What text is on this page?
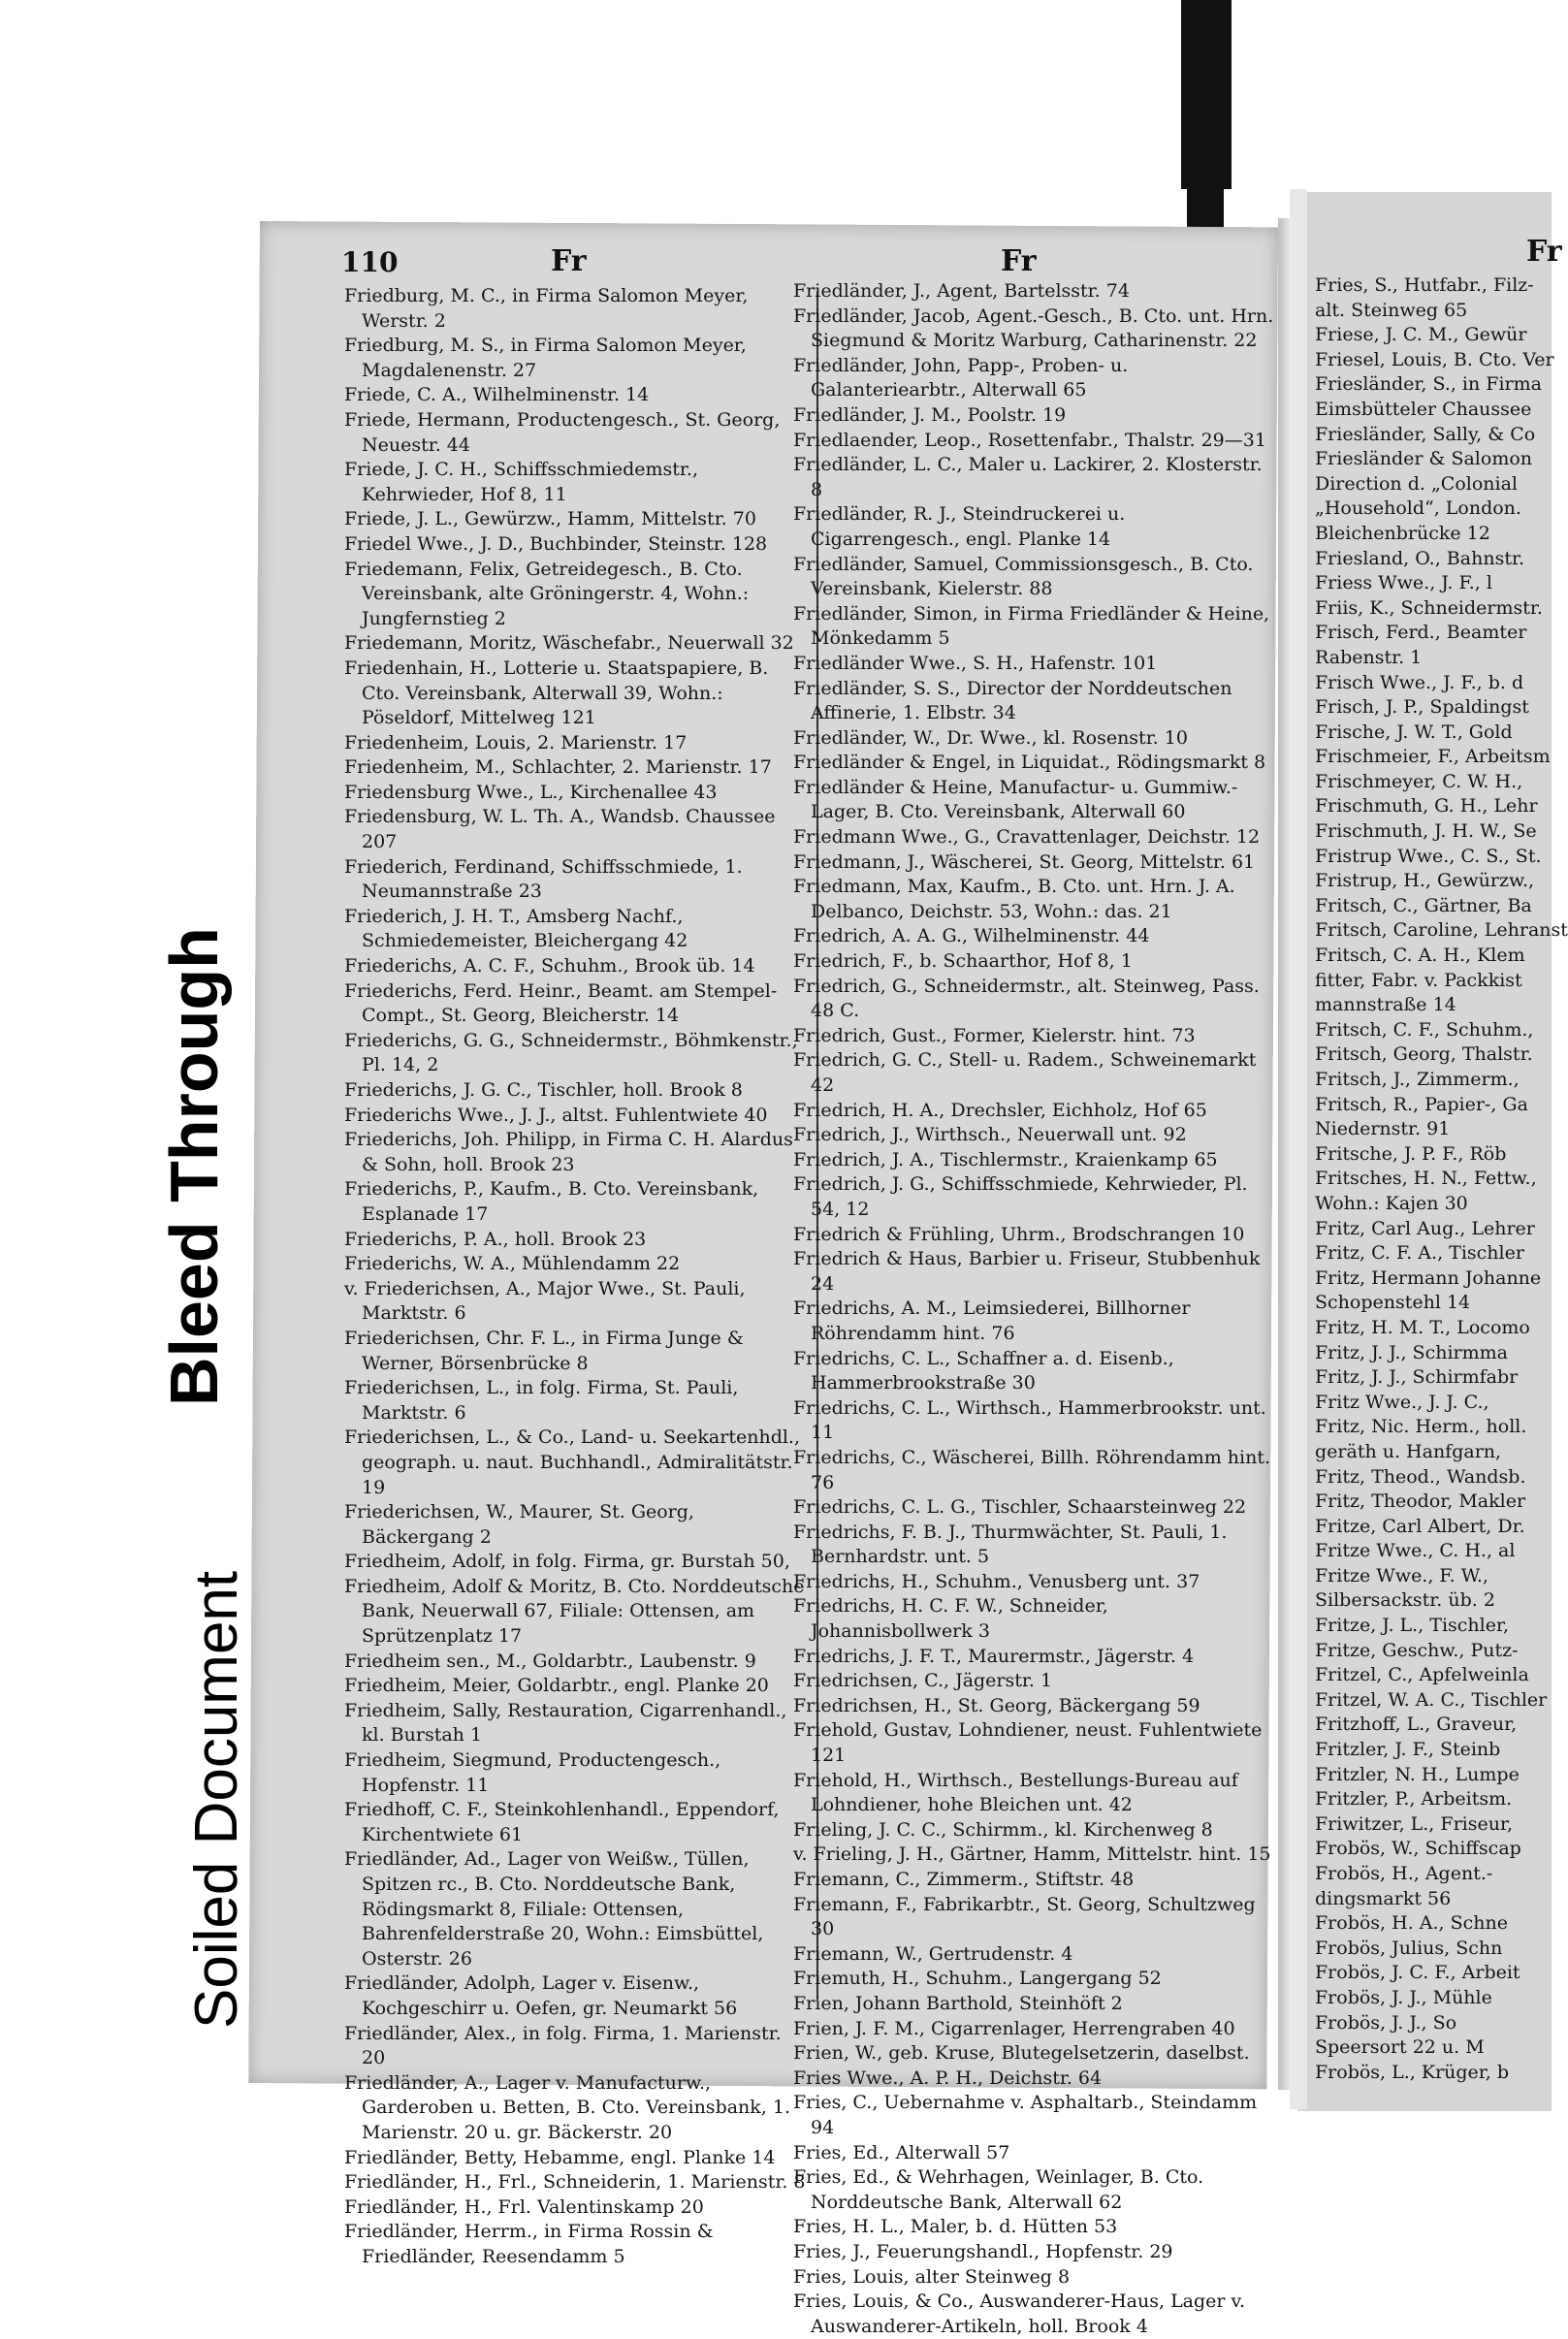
110	Fr	Fr	Fr

Friedburg, M. C., in Firma Salomon Meyer, Werstr. 2

Friedburg, M. S., in Firma Salomon Meyer, Magdalenenstr. 27

Friede, C. A., Wilhelminenstr. 14

Friede, Hermann, Productengesch., St. Georg, Neuestr. 44

Friede, J. C. H., Schiffsschmiedemstr., Kehrwieder, Hof 8, 11

Friede, J. L., Gewürzw., Hamm, Mittelstr. 70

Friedel Wwe., J. D., Buchbinder, Steinstr. 128

Friedemann, Felix, Getreidegesch., B. Cto. Vereinsbank, alte Gröningerstr. 4, Wohn.: Jungfernstieg 2

Friedemann, Moritz, Wäschefabr., Neuerwall 32

Friedenhain, H., Lotterie u. Staatspapiere, B. Cto. Vereinsbank, Alterwall 39, Wohn.: Pöseldorf, Mittelweg 121

Friedenheim, Louis, 2. Marienstr. 17

Friedenheim, M., Schlachter, 2. Marienstr. 17

Friedensburg Wwe., L., Kirchenallee 43

Friedensburg, W. L. Th. A., Wandsb. Chaussee 207

Friederich, Ferdinand, Schiffsschmiede, 1. Neumannstraße 23

Friederich, J. H. T., Amsberg Nachf., Schmiedemeister, Bleichergang 42

Friederichs, A. C. F., Schuhm., Brook üb. 14

Friederichs, Ferd. Heinr., Beamt. am Stempel-Compt., St. Georg, Bleicherstr. 14

Friederichs, G. G., Schneidermstr., Böhmkenstr., Pl. 14, 2

Friederichs, J. G. C., Tischler, holl. Brook 8

Friederichs Wwe., J. J., altst. Fuhlentwiete 40

Friederichs, Joh. Philipp, in Firma C. H. Alardus & Sohn, holl. Brook 23

Friederichs, P., Kaufm., B. Cto. Vereinsbank, Esplanade 17

Friederichs, P. A., holl. Brook 23

Friederichs, W. A., Mühlendamm 22

v. Friederichsen, A., Major Wwe., St. Pauli, Marktstr. 6

Friederichsen, Chr. F. L., in Firma Junge & Werner, Börsenbrücke 8

Friederichsen, L., in folg. Firma, St. Pauli, Marktstr. 6

Friederichsen, L., & Co., Land- u. Seekartenhdl., geograph. u. naut. Buchhandl., Admiralitätstr. 19

Friederichsen, W., Maurer, St. Georg, Bäckergang 2

Friedheim, Adolf, in folg. Firma, gr. Burstah 50,

Friedheim, Adolf & Moritz, B. Cto. Norddeutsche Bank, Neuerwall 67, Filiale: Ottensen, am Sprützenplatz 17

Friedheim sen., M., Goldarbtr., Laubenstr. 9

Friedheim, Meier, Goldarbtr., engl. Planke 20

Friedheim, Sally, Restauration, Cigarrenhandl., kl. Burstah 1

Friedheim, Siegmund, Productengesch., Hopfenstr. 11

Friedhoff, C. F., Steinkohlenhandl., Eppendorf, Kirchentwiete 61

Friedländer, Ad., Lager von Weißw., Tüllen, Spitzen rc., B. Cto. Norddeutsche Bank, Rödingsmarkt 8, Filiale: Ottensen, Bahrenfelderstraße 20, Wohn.: Eimsbüttel, Osterstr. 26

Friedländer, Adolph, Lager v. Eisenw., Kochgeschirr u. Oefen, gr. Neumarkt 56

Friedländer, Alex., in folg. Firma, 1. Marienstr. 20

Friedländer, A., Lager v. Manufacturw., Garderoben u. Betten, B. Cto. Vereinsbank, 1. Marienstr. 20 u. gr. Bäckerstr. 20

Friedländer, Betty, Hebamme, engl. Planke 14

Friedländer, H., Frl., Schneiderin, 1. Marienstr. 8

Friedländer, H., Frl. Valentinskamp 20

Friedländer, Herrm., in Firma Rossin & Friedländer, Reesendamm 5

Friedländer, J., Agent, Bartelsstr. 74

Friedländer, Jacob, Agent.-Gesch., B. Cto. unt. Hrn. Siegmund & Moritz Warburg, Catharinenstr. 22

Friedländer, John, Papp-, Proben- u. Galanteriearbtr., Alterwall 65

Friedländer, J. M., Poolstr. 19

Friedlaender, Leop., Rosettenfabr., Thalstr. 29—31

Friedländer, L. C., Maler u. Lackirer, 2. Klosterstr. 8

Friedländer, R. J., Steindruckerei u. Cigarrengesch., engl. Planke 14

Friedländer, Samuel, Commissionsgesch., B. Cto. Vereinsbank, Kielerstr. 88

Friedländer, Simon, in Firma Friedländer & Heine, Mönkedamm 5

Friedländer Wwe., S. H., Hafenstr. 101

Friedländer, S. S., Director der Norddeutschen Affinerie, 1. Elbstr. 34

Friedländer, W., Dr. Wwe., kl. Rosenstr. 10

Friedländer & Engel, in Liquidat., Rödingsmarkt 8

Friedländer & Heine, Manufactur- u. Gummiw.-Lager, B. Cto. Vereinsbank, Alterwall 60

Friedmann Wwe., G., Cravattenlager, Deichstr. 12

Friedmann, J., Wäscherei, St. Georg, Mittelstr. 61

Friedmann, Max, Kaufm., B. Cto. unt. Hrn. J. A. Delbanco, Deichstr. 53, Wohn.: das. 21

Friedrich, A. A. G., Wilhelminenstr. 44

Friedrich, F., b. Schaarthor, Hof 8, 1

Friedrich, G., Schneidermstr., alt. Steinweg, Pass. 48 C.

Friedrich, Gust., Former, Kielerstr. hint. 73

Friedrich, G. C., Stell- u. Radem., Schweinemarkt 42

Friedrich, H. A., Drechsler, Eichholz, Hof 65

Friedrich, J., Wirthsch., Neuerwall unt. 92

Friedrich, J. A., Tischlermstr., Kraienkamp 65

Friedrich, J. G., Schiffsschmiede, Kehrwieder, Pl. 54, 12

Friedrich & Frühling, Uhrm., Brodschrangen 10

Friedrich & Haus, Barbier u. Friseur, Stubbenhuk 24

Friedrichs, A. M., Leimsiederei, Billhorner Röhrendamm hint. 76

Friedrichs, C. L., Schaffner a. d. Eisenb., Hammerbrookstraße 30

Friedrichs, C. L., Wirthsch., Hammerbrookstr. unt. 11

Friedrichs, C., Wäscherei, Billh. Röhrendamm hint. 76

Friedrichs, C. L. G., Tischler, Schaarsteinweg 22

Friedrichs, F. B. J., Thurmwächter, St. Pauli, 1. Bernhardstr. unt. 5

Friedrichs, H., Schuhm., Venusberg unt. 37

Friedrichs, H. C. F. W., Schneider, Johannisbollwerk 3

Friedrichs, J. F. T., Maurermstr., Jägerstr. 4

Friedrichsen, C., Jägerstr. 1

Friedrichsen, H., St. Georg, Bäckergang 59

Friehold, Gustav, Lohndiener, neust. Fuhlentwiete 121

Friehold, H., Wirthsch., Bestellungs-Bureau auf Lohndiener, hohe Bleichen unt. 42

Frieling, J. C. C., Schirmm., kl. Kirchenweg 8

v. Frieling, J. H., Gärtner, Hamm, Mittelstr. hint. 15

Friemann, C., Zimmerm., Stiftstr. 48

Friemann, F., Fabrikarbtr., St. Georg, Schultzweg 30

Friemann, W., Gertrudenstr. 4

Friemuth, H., Schuhm., Langergang 52

Frien, Johann Barthold, Steinhöft 2

Frien, J. F. M., Cigarrenlager, Herrengraben 40

Frien, W., geb. Kruse, Blutegelsetzerin, daselbst.

Fries Wwe., A. P. H., Deichstr. 64

Fries, C., Uebernahme v. Asphaltarb., Steindamm 94

Fries, Ed., Alterwall 57

Fries, Ed., & Wehrhagen, Weinlager, B. Cto. Norddeutsche Bank, Alterwall 62

Fries, H. L., Maler, b. d. Hütten 53

Fries, J., Feuerungshandl., Hopfenstr. 29

Fries, Louis, alter Steinweg 8

Fries, Louis, & Co., Auswanderer-Haus, Lager v. Auswanderer-Artikeln, holl. Brook 4

Fries, S., Hutfabr., Filz-

alt. Steinweg 65

Friese, J. C. M., Gewür

Friesel, Louis, B. Cto. Ver

Friesländer, S., in Firma

Eimsbütteler Chaussee

Friesländer, Sally, & Co

Friesländer & Salomon

Direction d. „Colonial

„Household“, London.

Bleichenbrücke 12

Friesland, O., Bahnstr.

Friess Wwe., J. F., l

Friis, K., Schneidermstr.

Frisch, Ferd., Beamter

Rabenstr. 1

Frisch Wwe., J. F., b. d

Frisch, J. P., Spaldingst

Frische, J. W. T., Gold

Frischmeier, F., Arbeitsm

Frischmeyer, C. W. H.,

Frischmuth, G. H., Lehr

Frischmuth, J. H. W., Se

Fristrup Wwe., C. S., St.

Fristrup, H., Gewürzw.,

Fritsch, C., Gärtner, Ba

Fritsch, Caroline, Lehranst

Fritsch, C. A. H., Klem

fitter, Fabr. v. Packkist

mannstraße 14

Fritsch, C. F., Schuhm.,

Fritsch, Georg, Thalstr.

Fritsch, J., Zimmerm.,

Fritsch, R., Papier-, Ga

Niedernstr. 91

Fritsche, J. P. F., Röb

Fritsches, H. N., Fettw.,

Wohn.: Kajen 30

Fritz, Carl Aug., Lehrer

Fritz, C. F. A., Tischler

Fritz, Hermann Johanne

Schopenstehl 14

Fritz, H. M. T., Locomo

Fritz, J. J., Schirmma

Fritz, J. J., Schirmfabr

Fritz Wwe., J. J. C.,

Fritz, Nic. Herm., holl.

geräth u. Hanfgarn,

Fritz, Theod., Wandsb.

Fritz, Theodor, Makler

Fritze, Carl Albert, Dr.

Fritze Wwe., C. H., al

Fritze Wwe., F. W.,

Silbersackstr. üb. 2

Fritze, J. L., Tischler,

Fritze, Geschw., Putz-

Fritzel, C., Apfelweinla

Fritzel, W. A. C., Tischler

Fritzhoff, L., Graveur,

Fritzler, J. F., Steinb

Fritzler, N. H., Lumpe

Fritzler, P., Arbeitsm.

Friwitzer, L., Friseur,

Frobös, W., Schiffscap

Frobös, H., Agent.-

dingsmarkt 56

Frobös, H. A., Schne

Frobös, Julius, Schn

Frobös, J. C. F., Arbeit

Frobös, J. J., Mühle

Frobös, J. J., So

Speersort 22 u. M

Frobös, L., Krüger, b

Soiled Document
Bleed Through
